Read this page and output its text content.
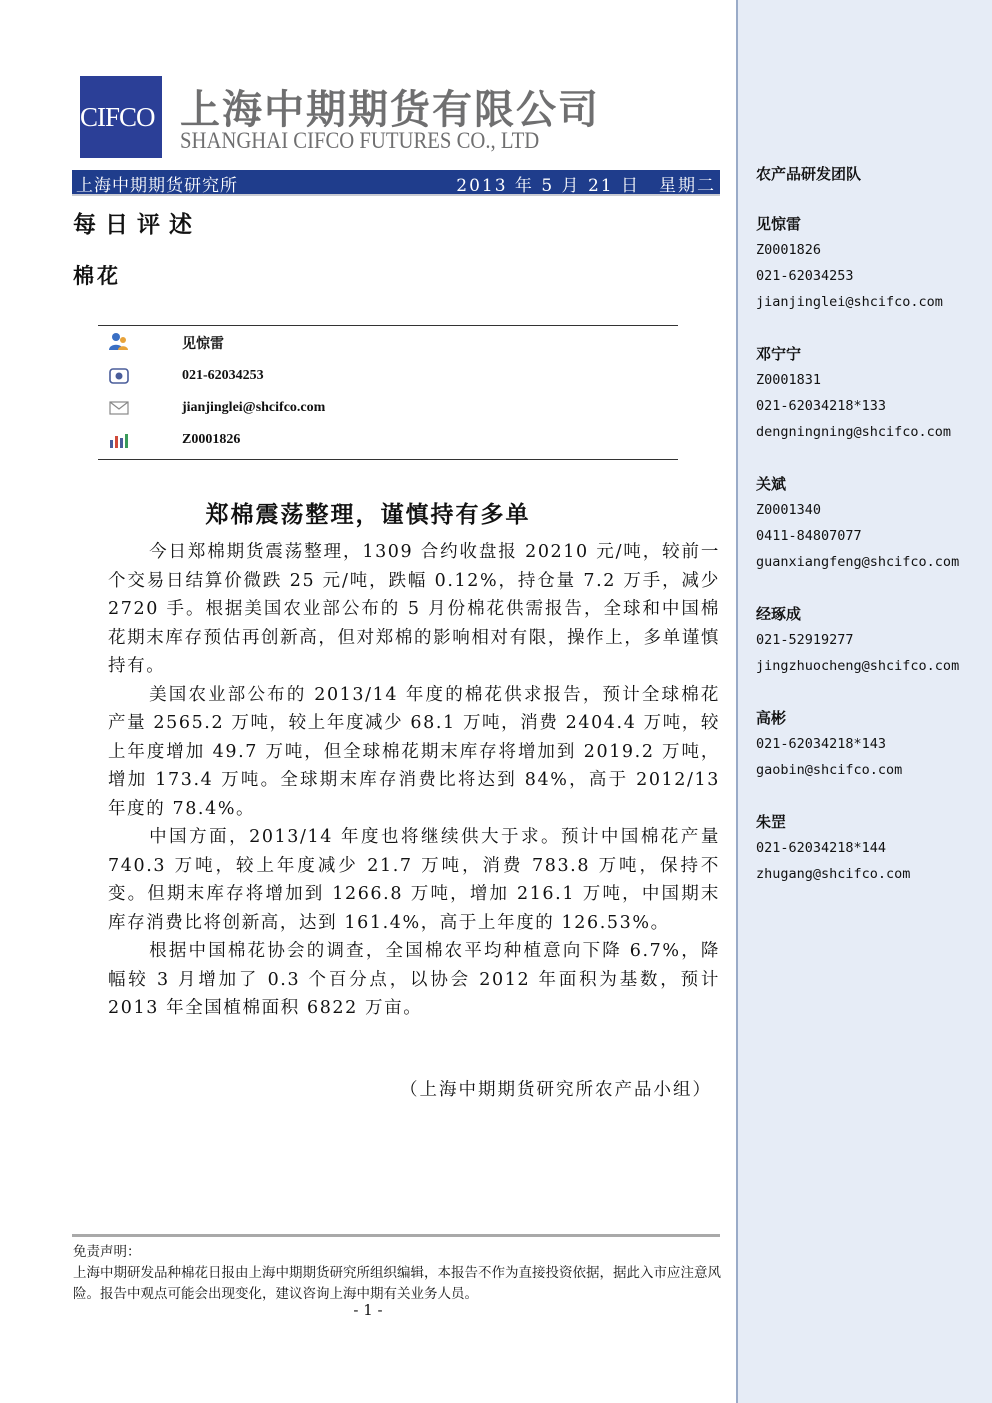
CIFCO 上海中期期货有限公司
SHANGHAI CIFCO FUTURES CO., LTD
上海中期期货研究所	2013 年 5 月 21 日　星期二
每日评述
棉花
见惊雷
021-62034253
jianjinglei@shcifco.com
Z0001826
郑棉震荡整理，谨慎持有多单

今日郑棉期货震荡整理，1309 合约收盘报 20210 元/吨，较前一个交易日结算价微跌 25 元/吨，跌幅 0.12%，持仓量 7.2 万手，减少 2720 手。根据美国农业部公布的 5 月份棉花供需报告，全球和中国棉花期末库存预估再创新高，但对郑棉的影响相对有限，操作上，多单谨慎持有。

美国农业部公布的 2013/14 年度的棉花供求报告，预计全球棉花产量 2565.2 万吨，较上年度减少 68.1 万吨，消费 2404.4 万吨，较上年度增加 49.7 万吨，但全球棉花期末库存将增加到 2019.2 万吨，增加 173.4 万吨。全球期末库存消费比将达到 84%，高于 2012/13 年度的 78.4%。

中国方面，2013/14 年度也将继续供大于求。预计中国棉花产量 740.3 万吨，较上年度减少 21.7 万吨，消费 783.8 万吨，保持不变。但期末库存将增加到 1266.8 万吨，增加 216.1 万吨，中国期末库存消费比将创新高，达到 161.4%，高于上年度的 126.53%。

根据中国棉花协会的调查，全国棉农平均种植意向下降 6.7%，降幅较 3 月增加了 0.3 个百分点，以协会 2012 年面积为基数，预计 2013 年全国植棉面积 6822 万亩。

（上海中期期货研究所农产品小组）
免责声明：
上海中期研发品种棉花日报由上海中期期货研究所组织编辑，本报告不作为直接投资依据，据此入市应注意风险。报告中观点可能会出现变化，建议咨询上海中期有关业务人员。
- 1 -
农产品研发团队
见惊雷
Z0001826
021-62034253
jianjinglei@shcifco.com
邓宁宁
Z0001831
021-62034218*133
dengningning@shcifco.com
关斌
Z0001340
0411-84807077
guanxiangfeng@shcifco.com
经琢成
021-52919277
jingzhuocheng@shcifco.com
高彬
021-62034218*143
gaobin@shcifco.com
朱罡
021-62034218*144
zhugang@shcifco.com
